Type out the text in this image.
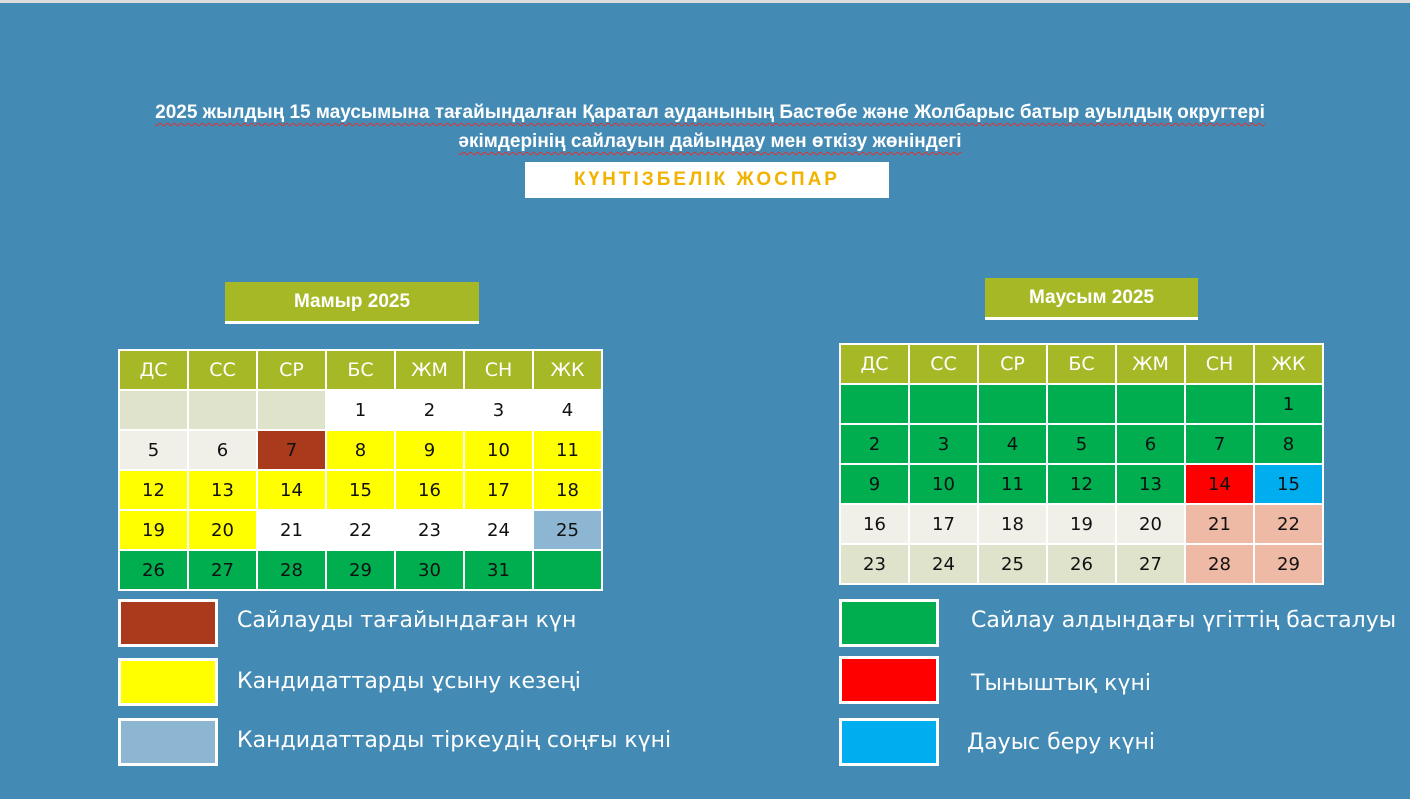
2025 жылдың 15 маусымына тағайындалған Қаратал ауданының Бастөбе және Жолбарыс батыр ауылдық округтері
әкімдерінің сайлауын дайындау мен өткізу жөніндегі
КҮНТІЗБЕЛІК ЖОСПАР
Мамыр 2025
ДС	СС	СР	БС	ЖМ	СН	ЖК
			1	2	3	4
5	6	7	8	9	10	11
12	13	14	15	16	17	18
19	20	21	22	23	24	25
26	27	28	29	30	31	
Маусым 2025
ДС	СС	СР	БС	ЖМ	СН	ЖК
						1
2	3	4	5	6	7	8
9	10	11	12	13	14	15
16	17	18	19	20	21	22
23	24	25	26	27	28	29
Сайлауды тағайындаған күн
Кандидаттарды ұсыну кезеңі
Кандидаттарды тіркеудің соңғы күні
Сайлау алдындағы үгіттің басталуы
Тыныштық күні
Дауыс беру күні
